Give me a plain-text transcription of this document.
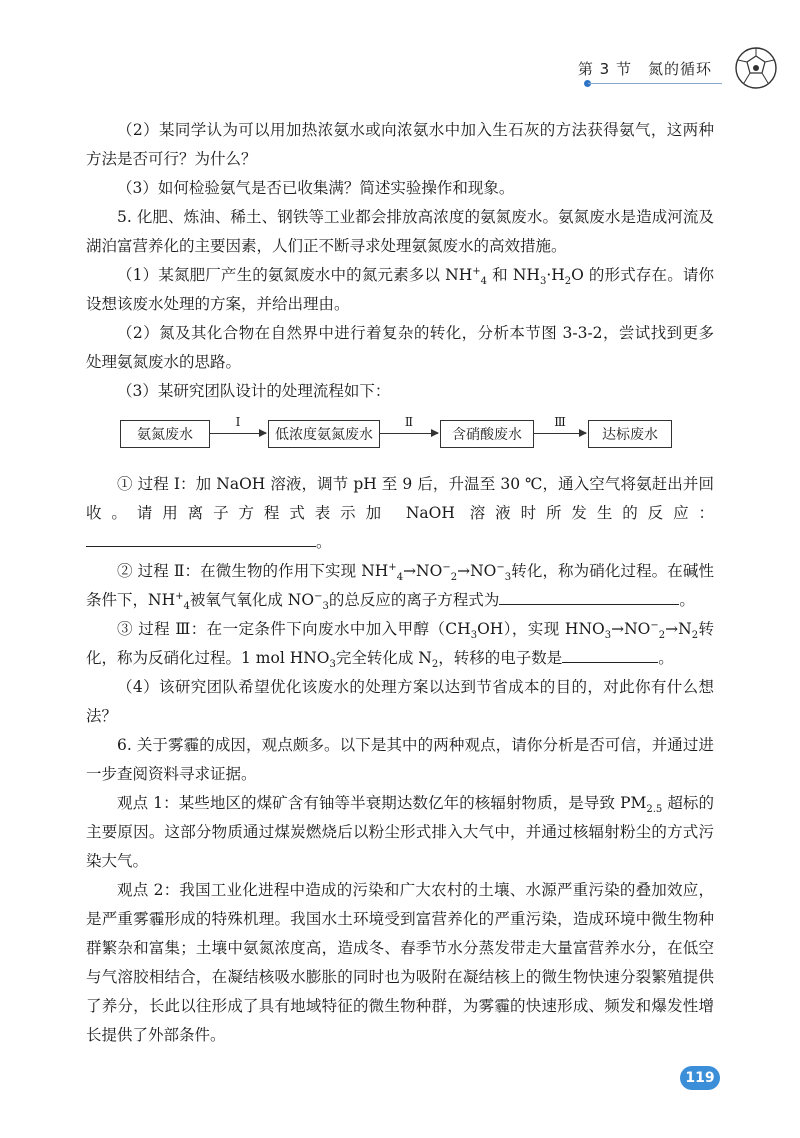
第 3 节　氮的循环

（2）某同学认为可以用加热浓氨水或向浓氨水中加入生石灰的方法获得氨气，这两种方法是否可行？为什么？

（3）如何检验氨气是否已收集满？简述实验操作和现象。

5. 化肥、炼油、稀土、钢铁等工业都会排放高浓度的氨氮废水。氨氮废水是造成河流及湖泊富营养化的主要因素，人们正不断寻求处理氨氮废水的高效措施。

（1）某氮肥厂产生的氨氮废水中的氮元素多以 $NH^+_4$ 和 $NH_3\cdot H_2O$ 的形式存在。请你设想该废水处理的方案，并给出理由。

（2）氮及其化合物在自然界中进行着复杂的转化，分析本节图 3-3-2，尝试找到更多处理氨氮废水的思路。

（3）某研究团队设计的处理流程如下：

氨氮废水
Ⅰ
低浓度氨氮废水
Ⅱ
含硝酸废水
Ⅲ
达标废水

① 过程 Ⅰ：加 NaOH 溶液，调节 pH 至 9 后，升温至 30 ℃，通入空气将氨赶出并回收。请用离子方程式表示加 NaOH 溶液时所发生的反应：。

② 过程 Ⅱ：在微生物的作用下实现 $NH^+_4\to NO^-_2\to NO^-_3$转化，称为硝化过程。在碱性条件下，$NH^+_4$被氧气氧化成 $NO^-_3$的总反应的离子方程式为	。

③ 过程 Ⅲ：在一定条件下向废水中加入甲醇$(CH_3OH)$，实现 $HNO_3\to NO^-_2\to N_2$转化，称为反硝化过程。1 mol $HNO_3$完全转化成 $N_2$，转移的电子数是	。

（4）该研究团队希望优化该废水的处理方案以达到节省成本的目的，对此你有什么想法？

6. 关于雾霾的成因，观点颇多。以下是其中的两种观点，请你分析是否可信，并通过进一步查阅资料寻求证据。

观点 1：某些地区的煤矿含有铀等半衰期达数亿年的核辐射物质，是导致 $PM_{2.5}$ 超标的主要原因。这部分物质通过煤炭燃烧后以粉尘形式排入大气中，并通过核辐射粉尘的方式污染大气。

观点 2：我国工业化进程中造成的污染和广大农村的土壤、水源严重污染的叠加效应，是严重雾霾形成的特殊机理。我国水土环境受到富营养化的严重污染，造成环境中微生物种群繁杂和富集；土壤中氨氮浓度高，造成冬、春季节水分蒸发带走大量富营养水分，在低空与气溶胶相结合，在凝结核吸水膨胀的同时也为吸附在凝结核上的微生物快速分裂繁殖提供了养分，长此以往形成了具有地域特征的微生物种群，为雾霾的快速形成、频发和爆发性增长提供了外部条件。

119
